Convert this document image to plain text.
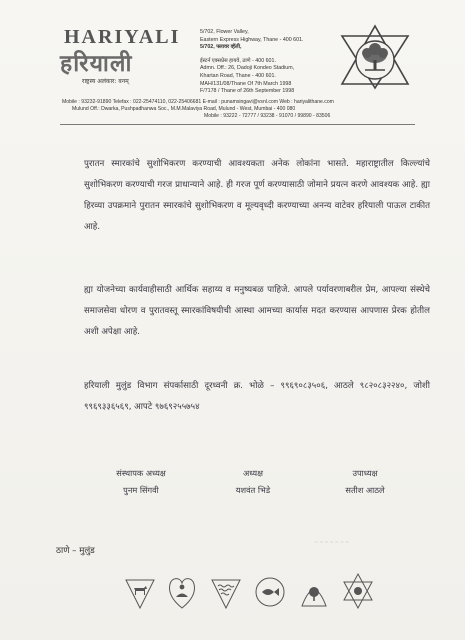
HARIYALI
हरियाली
राष्ट्रस्य अलंकार: वनम्
5/702, Flower Valley,
Eastern Express Highway, Thane - 400 601.
5/702, फ्लावर व्हॅली,
ईस्टर्न एक्सप्रेस हायवे, ठाणे - 400 601.
Admn. Off.: 26, Dadoji Kondeo Stadium,
Khartan Road, Thane - 400 601.
MAH/131/08/Thane Of 7th March 1998
F/7178 / Thane of 26th September 1998
Mobile : 93232-91890 Telefax : 022-25474110, 022-25406681 E-mail : punamsingavi@vsnl.com Web : hariyalithane.com
Mulund Off.: Dwarka, Pushpadhanwa Soc., M.M.Malaviya Road, Mulund - West, Mumbai - 400 080
Mobile : 93222 - 72777 / 93238 - 91070 / 99890 - 83506
पुरातन स्मारकांचे सुशोभिकरण करण्याची आवश्यकता अनेक लोकांना भासते. महाराष्ट्रातील किल्ल्यांचे सुशोभिकरण करण्याची गरज प्राधान्याने आहे. ही गरज पूर्ण करण्यासाठी जोमाने प्रयत्न करणे आवश्यक आहे. ह्या हिरव्या उपक्रमाने पुरातन स्मारकांचे सुशोभिकरण व मूल्यवृध्दी करण्याच्या अनन्य वाटेवर हरियाली पाऊल टाकीत आहे.
ह्या योजनेच्या कार्यवाहीसाठी आर्थिक सहाय्य व मनुष्यबळ पाहिजे. आपले पर्यावरणाबरील प्रेम, आपल्या संस्थेचे समाजसेवा धोरण व पुरातवस्तू स्मारकांविषयीची आस्था आमच्या कार्यास मदत करण्यास आपणास प्रेरक होतील अशी अपेक्षा आहे.
हरियाली मुलुंड विभाग संपर्कासाठी दूरध्वनी क्र. भोळे – ९९६९०८३५०६, आठले ९८२०८३२२४०, जोशी ९९६९३३६५६९, आपटे ९७६९२५५७५४
संस्थापक अध्यक्ष
पुनम सिंगवी
अध्यक्ष
यशवंत भिडे
उपाध्यक्ष
सतीश आठले
ठाणे – मुलुंड
~~~~~~~
